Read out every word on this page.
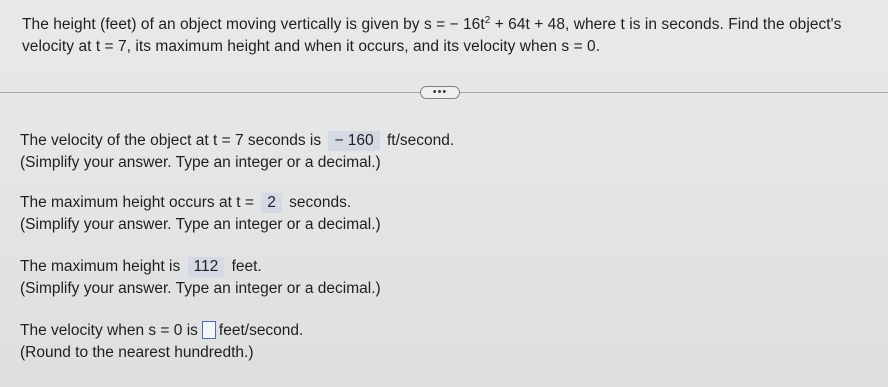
The height (feet) of an object moving vertically is given by s = − $16t^2 + 64t + 48$, where t is in seconds. Find the object's
velocity at t = 7, its maximum height and when it occurs, and its velocity when s = 0.
•••
The velocity of the object at t = 7 seconds is − 160 ft/second.
(Simplify your answer. Type an integer or a decimal.)
The maximum height occurs at t = 2 seconds.
(Simplify your answer. Type an integer or a decimal.)
The maximum height is 112 feet.
(Simplify your answer. Type an integer or a decimal.)
The velocity when s = 0 is feet/second.
(Round to the nearest hundredth.)
